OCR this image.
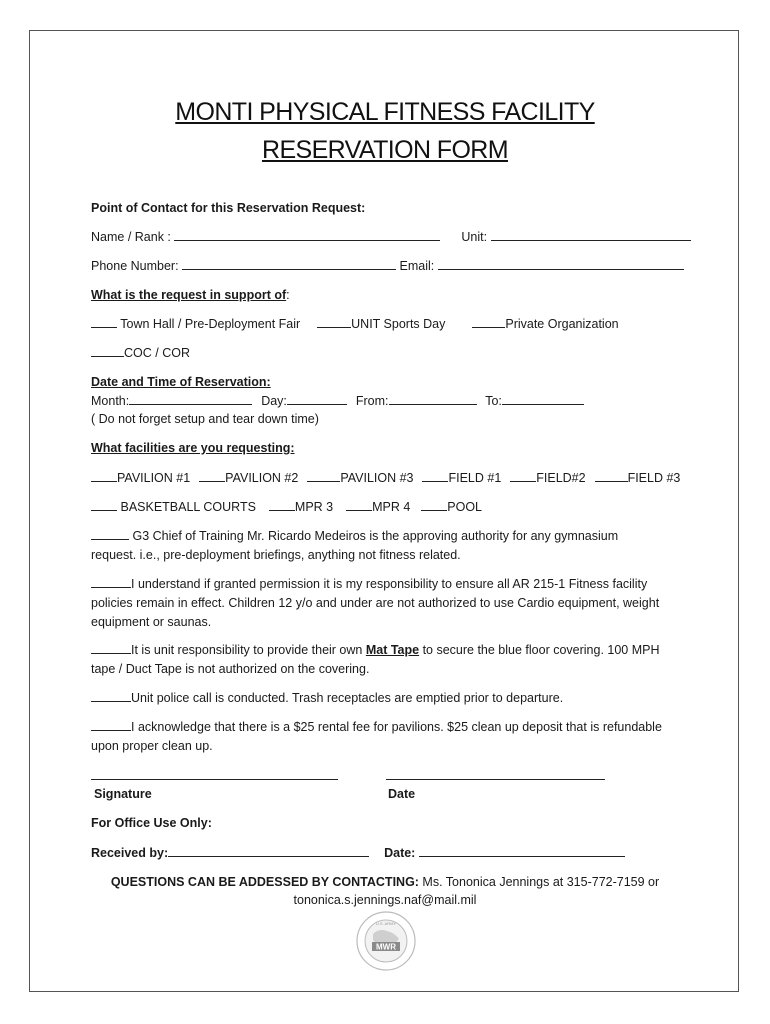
MONTI PHYSICAL FITNESS FACILITY
RESERVATION FORM
Point of Contact for this Reservation Request:
Name / Rank :	Unit:
Phone Number:	Email:
What is the request in support of:
Town Hall / Pre-Deployment Fair	UNIT Sports Day	Private Organization
COC / COR
Date and Time of Reservation:
Month:	Day:	From:	To:
( Do not forget setup and tear down time)
What facilities are you requesting:
PAVILION #1	PAVILION #2	PAVILION #3	FIELD #1	FIELD#2	FIELD #3
BASKETBALL COURTS	MPR 3	MPR 4	POOL
G3 Chief of Training Mr. Ricardo Medeiros is the approving authority for any gymnasium
request. i.e., pre-deployment briefings, anything not fitness related.
I understand if granted permission it is my responsibility to ensure all AR 215-1 Fitness facility
policies remain in effect. Children 12 y/o and under are not authorized to use Cardio equipment, weight
equipment or saunas.
It is unit responsibility to provide their own Mat Tape to secure the blue floor covering. 100 MPH
tape / Duct Tape is not authorized on the covering.
Unit police call is conducted. Trash receptacles are emptied prior to departure.
I acknowledge that there is a $25 rental fee for pavilions. $25 clean up deposit that is refundable
upon proper clean up.
Signature	Date
For Office Use Only:
Received by:	Date:
QUESTIONS CAN BE ADDESSED BY CONTACTING: Ms. Tononica Jennings at 315-772-7159 or
tononica.s.jennings.naf@mail.mil
MWR
U.S. ARMY
